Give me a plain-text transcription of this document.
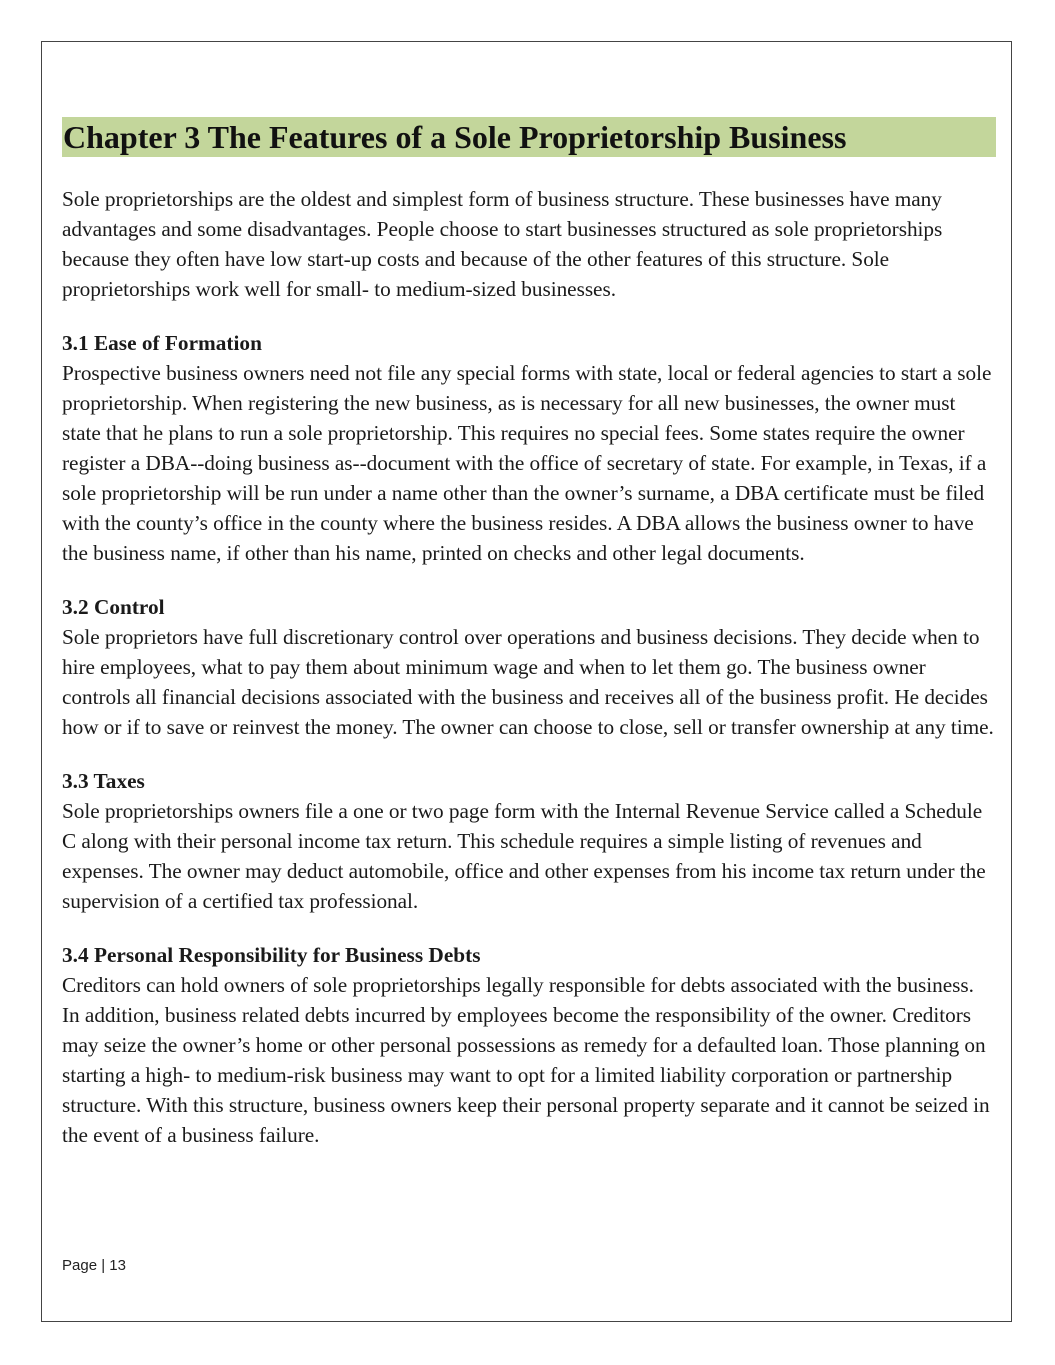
Chapter 3 The Features of a Sole Proprietorship Business

Sole proprietorships are the oldest and simplest form of business structure. These businesses have many advantages and some disadvantages. People choose to start businesses structured as sole proprietorships because they often have low start-up costs and because of the other features of this structure. Sole proprietorships work well for small- to medium-sized businesses.

3.1 Ease of Formation

Prospective business owners need not file any special forms with state, local or federal agencies to start a sole proprietorship. When registering the new business, as is necessary for all new businesses, the owner must state that he plans to run a sole proprietorship. This requires no special fees. Some states require the owner register a DBA--doing business as--document with the office of secretary of state. For example, in Texas, if a sole proprietorship will be run under a name other than the owner’s surname, a DBA certificate must be filed with the county’s office in the county where the business resides. A DBA allows the business owner to have the business name, if other than his name, printed on checks and other legal documents.

3.2 Control

Sole proprietors have full discretionary control over operations and business decisions. They decide when to hire employees, what to pay them about minimum wage and when to let them go. The business owner controls all financial decisions associated with the business and receives all of the business profit. He decides how or if to save or reinvest the money. The owner can choose to close, sell or transfer ownership at any time.

3.3 Taxes

Sole proprietorships owners file a one or two page form with the Internal Revenue Service called a Schedule C along with their personal income tax return. This schedule requires a simple listing of revenues and expenses. The owner may deduct automobile, office and other expenses from his income tax return under the supervision of a certified tax professional.

3.4 Personal Responsibility for Business Debts

Creditors can hold owners of sole proprietorships legally responsible for debts associated with the business. In addition, business related debts incurred by employees become the responsibility of the owner. Creditors may seize the owner’s home or other personal possessions as remedy for a defaulted loan. Those planning on starting a high- to medium-risk business may want to opt for a limited liability corporation or partnership structure. With this structure, business owners keep their personal property separate and it cannot be seized in the event of a business failure.

Page | 13
